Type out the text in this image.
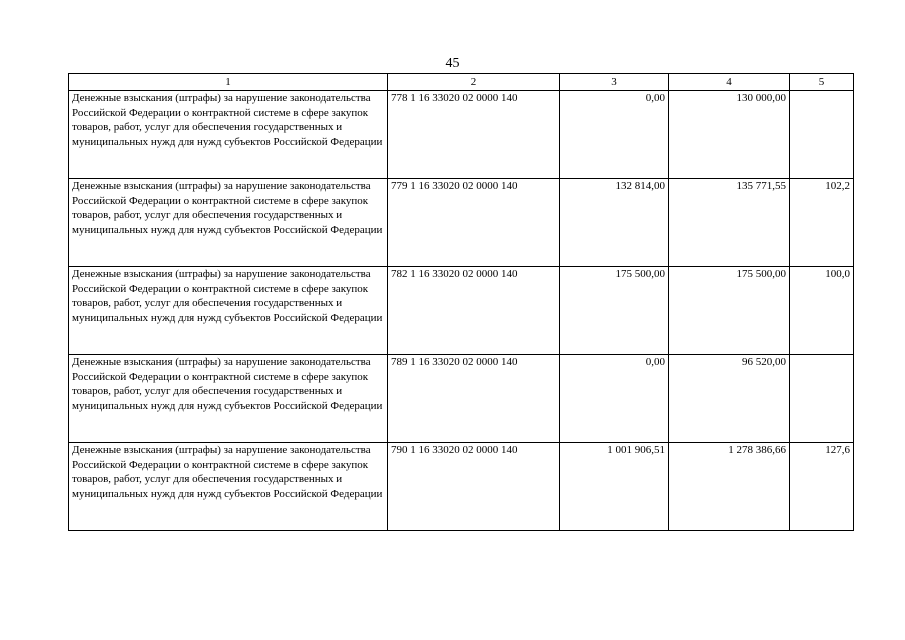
45
1	2	3	4	5
Денежные взыскания (штрафы) за нарушение законодательства Российской Федерации о контрактной системе в сфере закупок товаров, работ, услуг для обеспечения государственных и муниципальных нужд для нужд субъектов Российской Федерации	778 1 16 33020 02 0000 140	0,00	130 000,00	
Денежные взыскания (штрафы) за нарушение законодательства Российской Федерации о контрактной системе в сфере закупок товаров, работ, услуг для обеспечения государственных и муниципальных нужд для нужд субъектов Российской Федерации	779 1 16 33020 02 0000 140	132 814,00	135 771,55	102,2
Денежные взыскания (штрафы) за нарушение законодательства Российской Федерации о контрактной системе в сфере закупок товаров, работ, услуг для обеспечения государственных и муниципальных нужд для нужд субъектов Российской Федерации	782 1 16 33020 02 0000 140	175 500,00	175 500,00	100,0
Денежные взыскания (штрафы) за нарушение законодательства Российской Федерации о контрактной системе в сфере закупок товаров, работ, услуг для обеспечения государственных и муниципальных нужд для нужд субъектов Российской Федерации	789 1 16 33020 02 0000 140	0,00	96 520,00	
Денежные взыскания (штрафы) за нарушение законодательства Российской Федерации о контрактной системе в сфере закупок товаров, работ, услуг для обеспечения государственных и муниципальных нужд для нужд субъектов Российской Федерации	790 1 16 33020 02 0000 140	1 001 906,51	1 278 386,66	127,6
